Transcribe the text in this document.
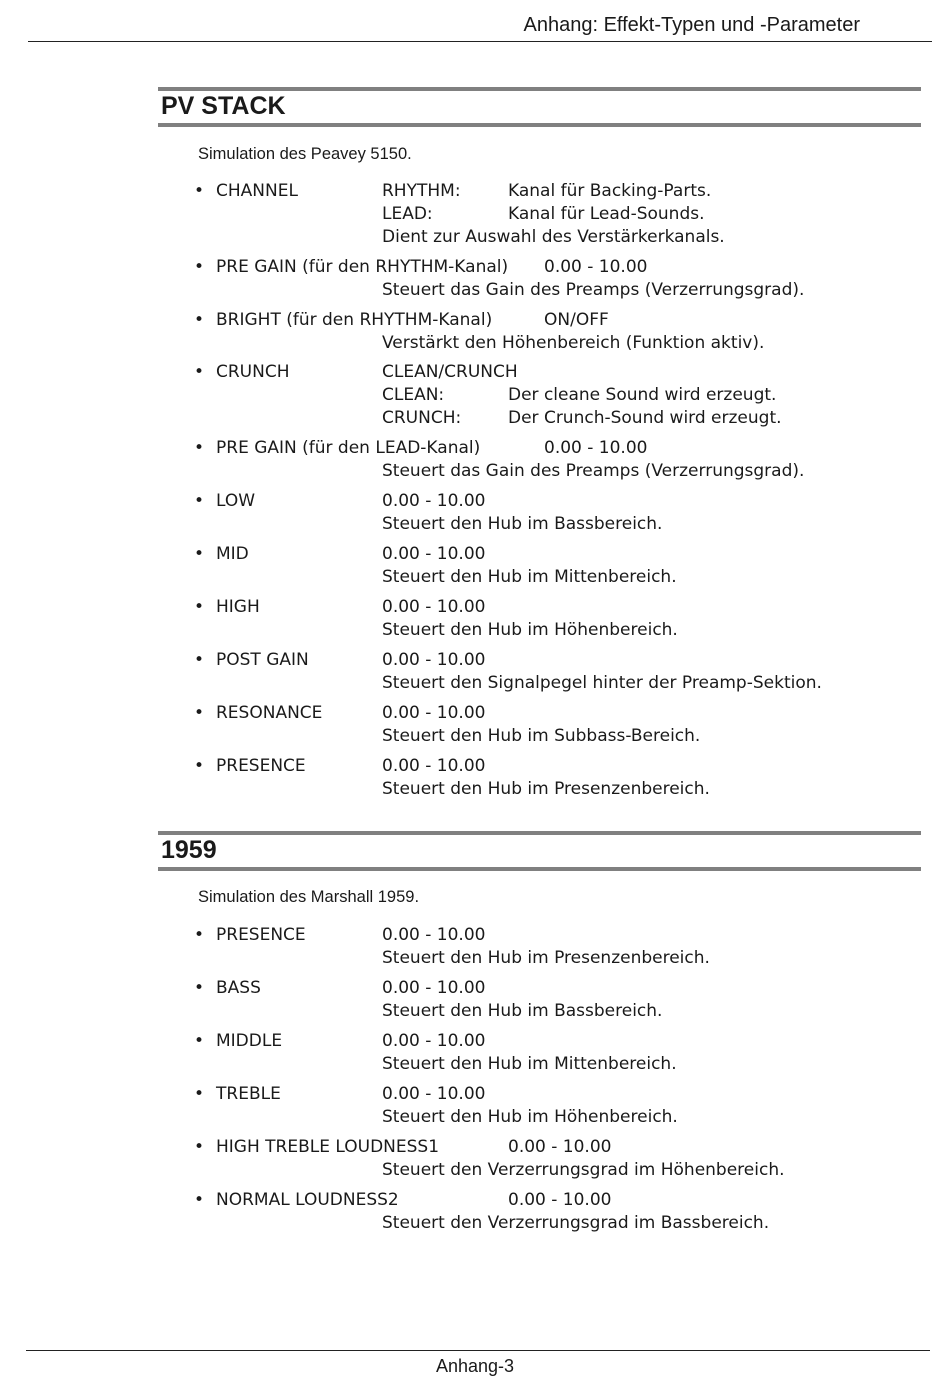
Anhang: Effekt-Typen und -Parameter
PV STACK
Simulation des Peavey 5150.
• CHANNEL	RHYTHM:	Kanal für Backing-Parts.
LEAD:	Kanal für Lead-Sounds.
Dient zur Auswahl des Verstärkerkanals.
• PRE GAIN (für den RHYTHM-Kanal) 0.00 - 10.00
Steuert das Gain des Preamps (Verzerrungsgrad).
• BRIGHT (für den RHYTHM-Kanal)	ON/OFF
Verstärkt den Höhenbereich (Funktion aktiv).
• CRUNCH	CLEAN/CRUNCH
CLEAN:	Der cleane Sound wird erzeugt.
CRUNCH:	Der Crunch-Sound wird erzeugt.
• PRE GAIN (für den LEAD-Kanal)	0.00 - 10.00
Steuert das Gain des Preamps (Verzerrungsgrad).
• LOW	0.00 - 10.00
Steuert den Hub im Bassbereich.
• MID	0.00 - 10.00
Steuert den Hub im Mittenbereich.
• HIGH	0.00 - 10.00
Steuert den Hub im Höhenbereich.
• POST GAIN	0.00 - 10.00
Steuert den Signalpegel hinter der Preamp-Sektion.
• RESONANCE	0.00 - 10.00
Steuert den Hub im Subbass-Bereich.
• PRESENCE	0.00 - 10.00
Steuert den Hub im Presenzenbereich.
1959
Simulation des Marshall 1959.
• PRESENCE	0.00 - 10.00
Steuert den Hub im Presenzenbereich.
• BASS	0.00 - 10.00
Steuert den Hub im Bassbereich.
• MIDDLE	0.00 - 10.00
Steuert den Hub im Mittenbereich.
• TREBLE	0.00 - 10.00
Steuert den Hub im Höhenbereich.
• HIGH TREBLE LOUDNESS1	0.00 - 10.00
Steuert den Verzerrungsgrad im Höhenbereich.
• NORMAL LOUDNESS2	0.00 - 10.00
Steuert den Verzerrungsgrad im Bassbereich.
Anhang-3
